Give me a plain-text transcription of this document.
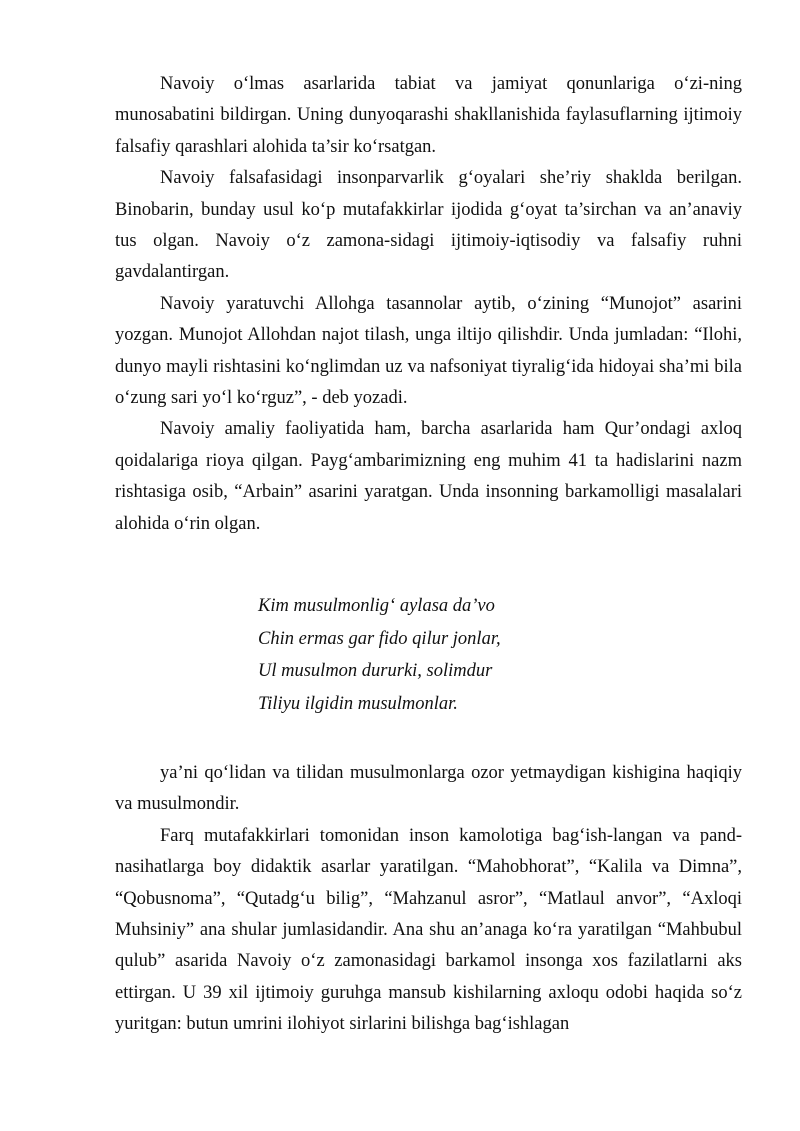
Navoiy o‘lmas asarlarida tabiat va jamiyat qonunlariga o‘zi-ning munosabatini bildirgan. Uning dunyoqarashi shakllanishida faylasuflarning ijtimoiy falsafiy qarashlari alohida ta’sir ko‘rsatgan.

Navoiy falsafasidagi insonparvarlik g‘oyalari she’riy shaklda berilgan. Binobarin, bunday usul ko‘p mutafakkirlar ijodida g‘oyat ta’sirchan va an’anaviy tus olgan. Navoiy o‘z zamona-sidagi ijtimoiy-iqtisodiy va falsafiy ruhni gavdalantirgan.

Navoiy yaratuvchi Allohga tasannolar aytib, o‘zining “Munojot” asarini yozgan. Munojot Allohdan najot tilash, unga iltijo qilishdir. Unda jumladan: “Ilohi, dunyo mayli rishtasini ko‘nglimdan uz va nafsoniyat tiyralig‘ida hidoyai sha’mi bila o‘zung sari yo‘l ko‘rguz”, - deb yozadi.

Navoiy amaliy faoliyatida ham, barcha asarlarida ham Qur’ondagi axloq qoidalariga rioya qilgan. Payg‘ambarimizning eng muhim 41 ta hadislarini nazm rishtasiga osib, “Arbain” asarini yaratgan. Unda insonning barkamolligi masalalari alohida o‘rin olgan.

Kim musulmonlig‘ aylasa da’vo
Chin ermas gar fido qilur jonlar,
Ul musulmon dururki, solimdur
Tiliyu ilgidin musulmonlar.

ya’ni qo‘lidan va tilidan musulmonlarga ozor yetmaydigan kishigina haqiqiy va musulmondir.

Farq mutafakkirlari tomonidan inson kamolotiga bag‘ish-langan va pand-nasihatlarga boy didaktik asarlar yaratilgan. “Mahobhorat”, “Kalila va Dimna”, “Qobusnoma”, “Qutadg‘u bilig”, “Mahzanul asror”, “Matlaul anvor”, “Axloqi Muhsiniy” ana shular jumlasidandir. Ana shu an’anaga ko‘ra yaratilgan “Mahbubul qulub” asarida Navoiy o‘z zamonasidagi barkamol insonga xos fazilatlarni aks ettirgan. U 39 xil ijtimoiy guruhga mansub kishilarning axloqu odobi haqida so‘z yuritgan: butun umrini ilohiyot sirlarini bilishga bag‘ishlagan
